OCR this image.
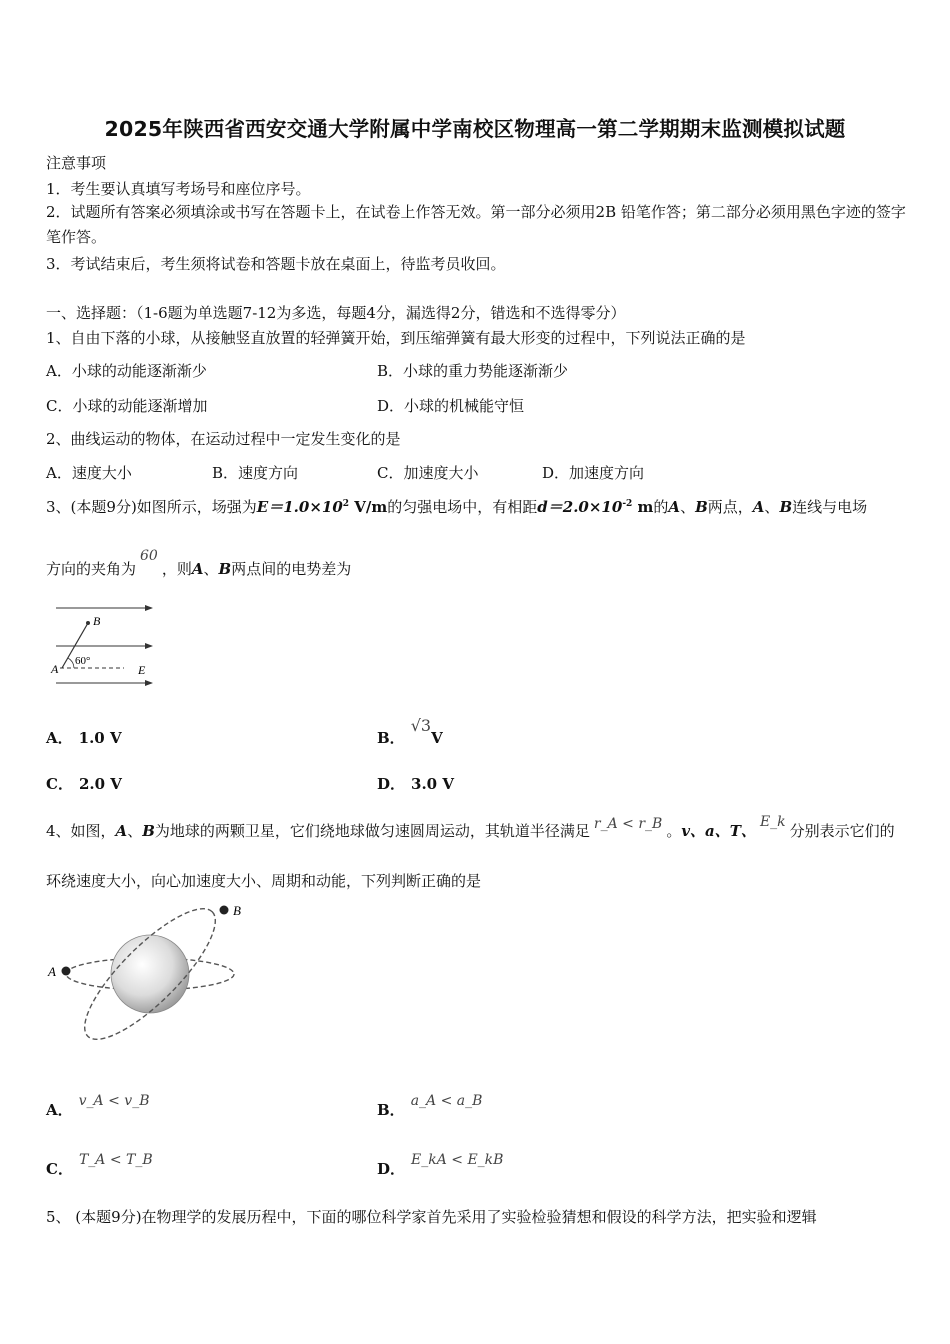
2025年陕西省西安交通大学附属中学南校区物理高一第二学期期末监测模拟试题
注意事项
1．考生要认真填写考场号和座位序号。
2．试题所有答案必须填涂或书写在答题卡上，在试卷上作答无效。第一部分必须用2B 铅笔作答；第二部分必须用黑色字迹的签字笔作答。
3．考试结束后，考生须将试卷和答题卡放在桌面上，待监考员收回。
一、选择题：（1-6题为单选题7-12为多选，每题4分，漏选得2分，错选和不选得零分）
1、自由下落的小球，从接触竖直放置的轻弹簧开始，到压缩弹簧有最大形变的过程中，下列说法正确的是
A．小球的动能逐渐渐少	B．小球的重力势能逐渐渐少
C．小球的动能逐渐增加	D．小球的机械能守恒
2、曲线运动的物体，在运动过程中一定发生变化的是
A．速度大小	B．速度方向	C．加速度大小	D．加速度方向
3、(本题9分)如图所示，场强为$E=1.0\times 10^2$ V/m的匀强电场中，有相距$d=2.0\times 10^{-2}$ m的A、B两点，A、B连线与电场
方向的夹角为60，则A、B两点间的电势差为
B
A
60°
E
A． 1.0 V	B．√3V
C． 2.0 V	D． 3.0 V
4、如图，A、B为地球的两颗卫星，它们绕地球做匀速圆周运动，其轨道半径满足 r_A < r_B 。v、a、T、 E_k 分别表示它们的
环绕速度大小，向心加速度大小、周期和动能，下列判断正确的是
A
B
A． v_A < v_B	B． a_A < a_B
C． T_A < T_B	D． E_kA < E_kB
5、 (本题9分)在物理学的发展历程中，下面的哪位科学家首先采用了实验检验猜想和假设的科学方法，把实验和逻辑
